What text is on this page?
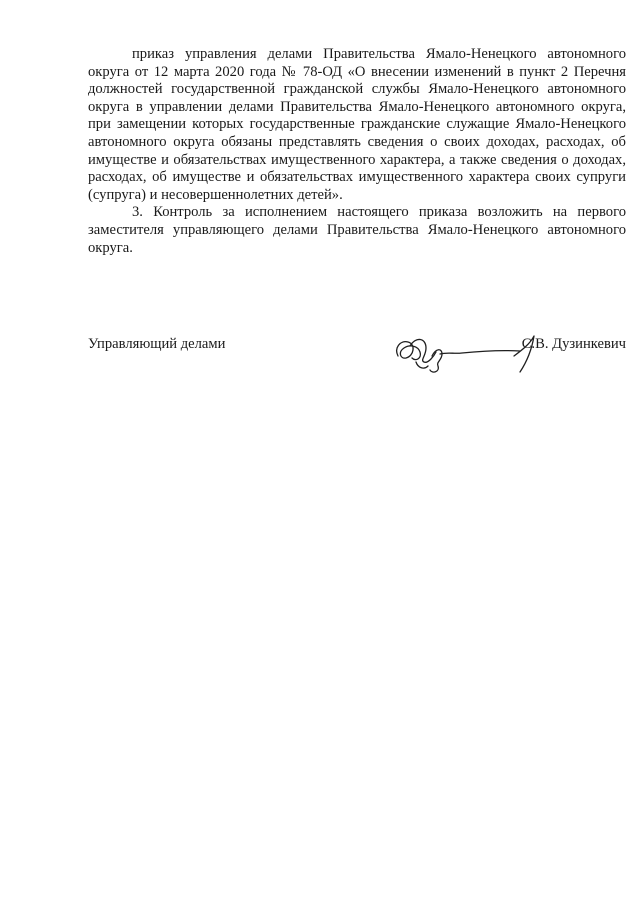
приказ управления делами Правительства Ямало-Ненецкого автономного округа от 12 марта 2020 года № 78-ОД «О внесении изменений в пункт 2 Перечня должностей государственной гражданской службы Ямало-Ненецкого автономного округа в управлении делами Правительства Ямало-Ненецкого автономного округа, при замещении которых государственные гражданские служащие Ямало-Ненецкого автономного округа обязаны представлять сведения о своих доходах, расходах, об имуществе и обязательствах имущественного характера, а также сведения о доходах, расходах, об имуществе и обязательствах имущественного характера своих супруги (супруга) и несовершеннолетних детей».

3. Контроль за исполнением настоящего приказа возложить на первого заместителя управляющего делами Правительства Ямало-Ненецкого автономного округа.

Управляющий делами	С.В. Дузинкевич
